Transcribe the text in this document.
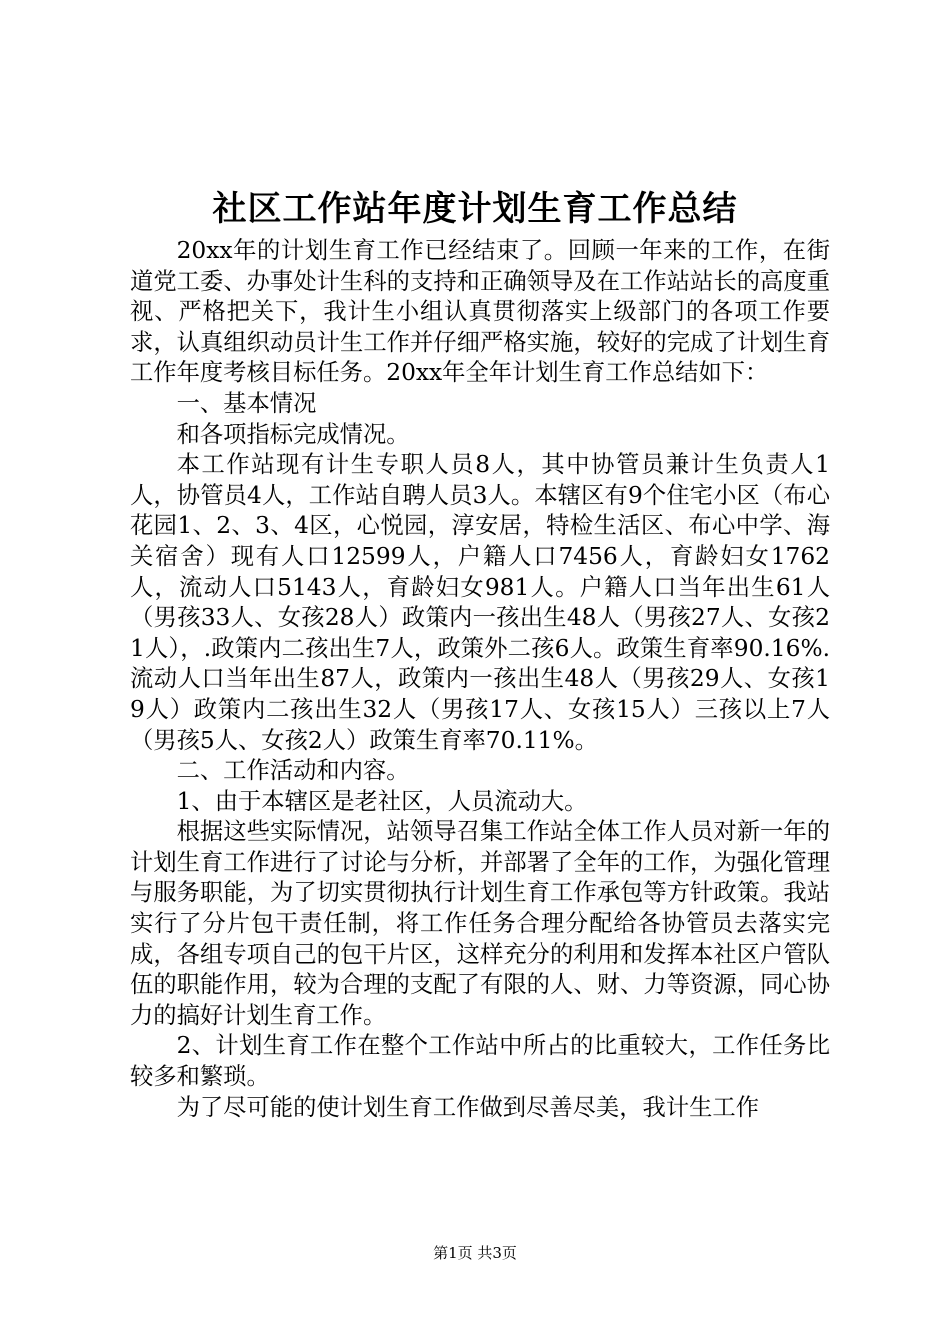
社区工作站年度计划生育工作总结

20xx年的计划生育工作已经结束了。回顾一年来的工作，在街道党工委、办事处计生科的支持和正确领导及在工作站站长的高度重视、严格把关下，我计生小组认真贯彻落实上级部门的各项工作要求，认真组织动员计生工作并仔细严格实施，较好的完成了计划生育工作年度考核目标任务。20xx年全年计划生育工作总结如下：

一、基本情况

和各项指标完成情况。

本工作站现有计生专职人员8人，其中协管员兼计生负责人1人，协管员4人，工作站自聘人员3人。本辖区有9个住宅小区（布心花园1、2、3、4区，心悦园，淳安居，特检生活区、布心中学、海关宿舍）现有人口12599人，户籍人口7456人，育龄妇女1762人，流动人口5143人，育龄妇女981人。户籍人口当年出生61人（男孩33人、女孩28人）政策内一孩出生48人（男孩27人、女孩21人），.政策内二孩出生7人，政策外二孩6人。政策生育率90.16%.流动人口当年出生87人，政策内一孩出生48人（男孩29人、女孩19人）政策内二孩出生32人（男孩17人、女孩15人）三孩以上7人（男孩5人、女孩2人）政策生育率70.11%。

二、工作活动和内容。

1、由于本辖区是老社区，人员流动大。

根据这些实际情况，站领导召集工作站全体工作人员对新一年的计划生育工作进行了讨论与分析，并部署了全年的工作，为强化管理与服务职能，为了切实贯彻执行计划生育工作承包等方针政策。我站实行了分片包干责任制，将工作任务合理分配给各协管员去落实完成，各组专项自己的包干片区，这样充分的利用和发挥本社区户管队伍的职能作用，较为合理的支配了有限的人、财、力等资源，同心协力的搞好计划生育工作。

2、计划生育工作在整个工作站中所占的比重较大，工作任务比较多和繁琐。

为了尽可能的使计划生育工作做到尽善尽美，我计生工作

第1页 共3页
